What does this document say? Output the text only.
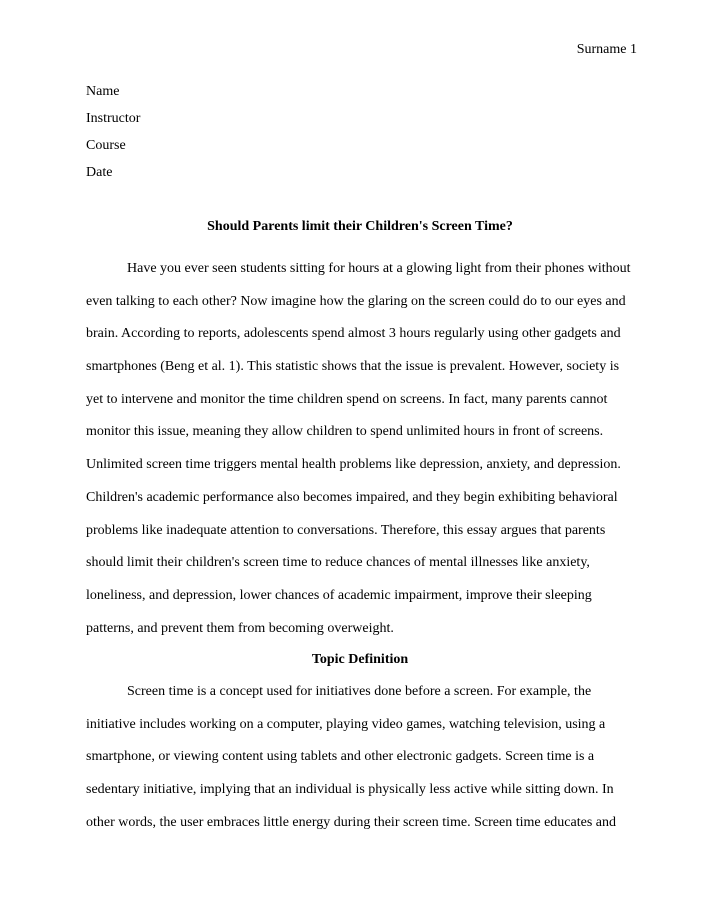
Surname 1
Name
Instructor
Course
Date
Should Parents limit their Children's Screen Time?
Have you ever seen students sitting for hours at a glowing light from their phones without
even talking to each other? Now imagine how the glaring on the screen could do to our eyes and
brain. According to reports, adolescents spend almost 3 hours regularly using other gadgets and
smartphones (Beng et al. 1). This statistic shows that the issue is prevalent. However, society is
yet to intervene and monitor the time children spend on screens. In fact, many parents cannot
monitor this issue, meaning they allow children to spend unlimited hours in front of screens.
Unlimited screen time triggers mental health problems like depression, anxiety, and depression.
Children's academic performance also becomes impaired, and they begin exhibiting behavioral
problems like inadequate attention to conversations. Therefore, this essay argues that parents
should limit their children's screen time to reduce chances of mental illnesses like anxiety,
loneliness, and depression, lower chances of academic impairment, improve their sleeping
patterns, and prevent them from becoming overweight.
Topic Definition
Screen time is a concept used for initiatives done before a screen. For example, the
initiative includes working on a computer, playing video games, watching television, using a
smartphone, or viewing content using tablets and other electronic gadgets. Screen time is a
sedentary initiative, implying that an individual is physically less active while sitting down. In
other words, the user embraces little energy during their screen time. Screen time educates and
